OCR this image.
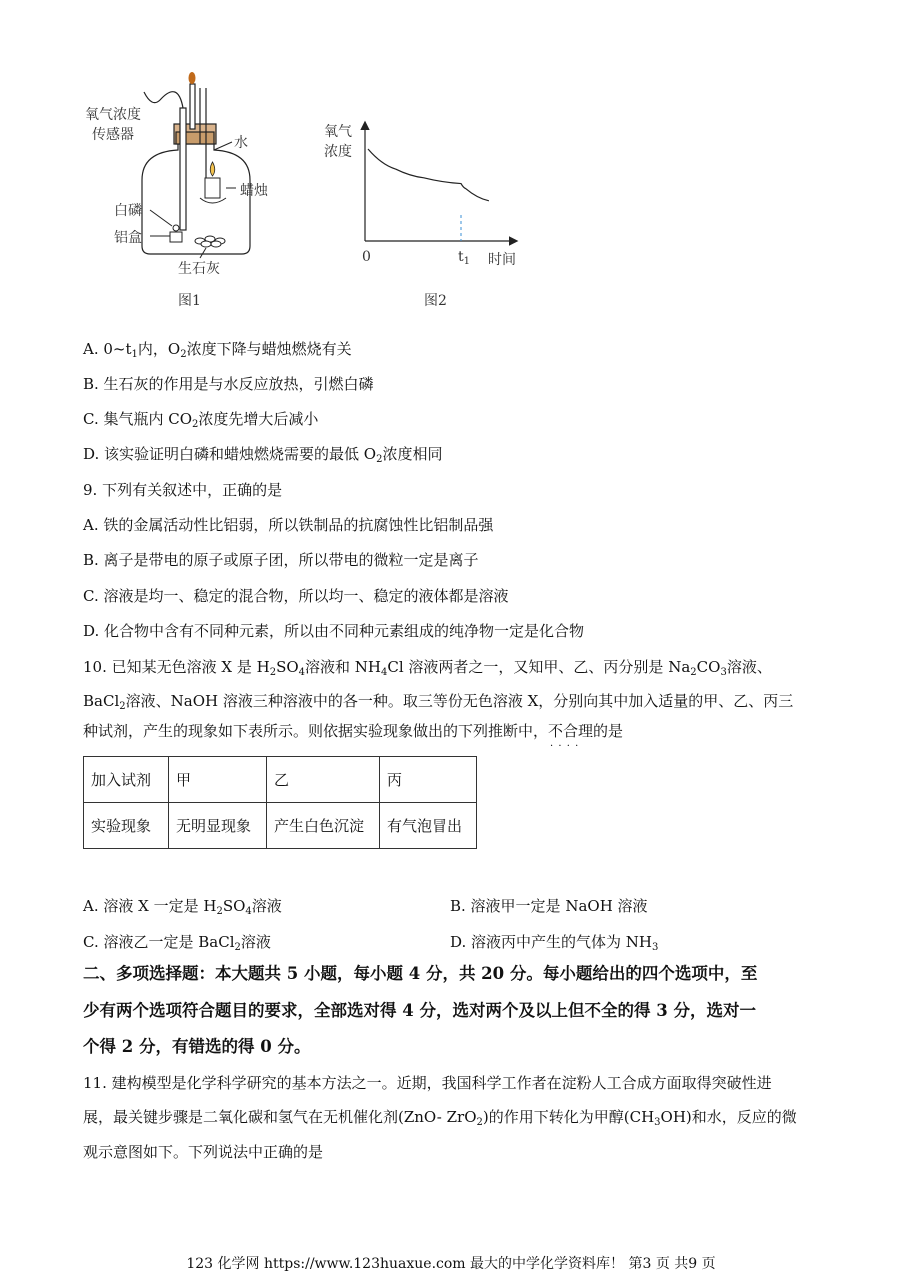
氧气浓度
传感器	水
蜡烛
白磷
铝盒
生石灰
图1
氧气
浓度
0	$t_1$ 时间
图2
A. $0\sim t_1$内，$O_2$浓度下降与蜡烛燃烧有关
B. 生石灰的作用是与水反应放热，引燃白磷
C. 集气瓶内 $CO_2$浓度先增大后减小
D. 该实验证明白磷和蜡烛燃烧需要的最低 $O_2$浓度相同
9. 下列有关叙述中，正确的是
A. 铁的金属活动性比铝弱，所以铁制品的抗腐蚀性比铝制品强
B. 离子是带电的原子或原子团，所以带电的微粒一定是离子
C. 溶液是均一、稳定的混合物，所以均一、稳定的液体都是溶液
D. 化合物中含有不同种元素，所以由不同种元素组成的纯净物一定是化合物
10. 已知某无色溶液 X 是 $H_2SO_4$溶液和 $NH_4Cl$ 溶液两者之一，又知甲、乙、丙分别是 $Na_2CO_3$溶液、
BaCl$_2$溶液、NaOH 溶液三种溶液中的各一种。取三等份无色溶液 X，分别向其中加入适量的甲、乙、丙三
种试剂，产生的现象如下表所示。则依据实验现象做出的下列推断中，不合理 · · · ·的是
加入试剂	甲	乙	丙
实验现象	无明显现象	产生白色沉淀	有气泡冒出
A. 溶液 X 一定是 $H_2SO_4$溶液	B. 溶液甲一定是 NaOH 溶液
C. 溶液乙一定是 BaCl$_2$溶液	D. 溶液丙中产生的气体为 $NH_3$
二、多项选择题：本大题共 5 小题，每小题 4 分，共 20 分。每小题给出的四个选项中，至
少有两个选项符合题目的要求，全部选对得 4 分，选对两个及以上但不全的得 3 分，选对一
个得 2 分，有错选的得 0 分。
11. 建构模型是化学科学研究的基本方法之一。近期，我国科学工作者在淀粉人工合成方面取得突破性进
展，最关键步骤是二氧化碳和氢气在无机催化剂(ZnO- ZrO$_2$)的作用下转化为甲醇$(CH_3OH)$和水，反应的微
观示意图如下。下列说法中正确的是
123 化学网 https://www.123huaxue.com 最大的中学化学资料库！ 第3 页 共9 页
